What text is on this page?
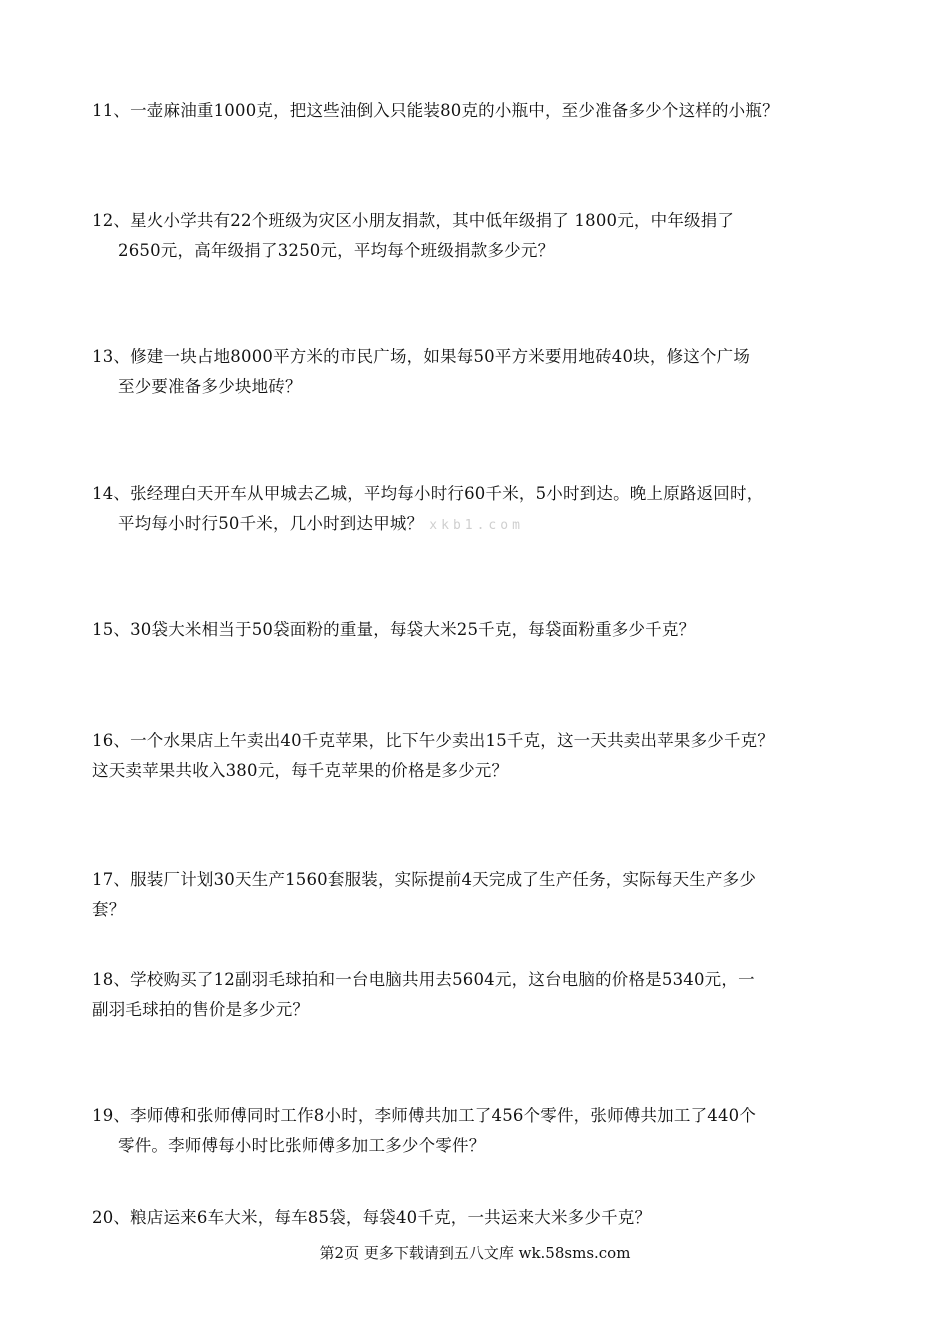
11、一壶麻油重1000克，把这些油倒入只能装80克的小瓶中，至少准备多少个这样的小瓶？
12、星火小学共有22个班级为灾区小朋友捐款，其中低年级捐了 1800元，中年级捐了
2650元，高年级捐了3250元，平均每个班级捐款多少元？
13、修建一块占地8000平方米的市民广场，如果每50平方米要用地砖40块，修这个广场
至少要准备多少块地砖？
14、张经理白天开车从甲城去乙城，平均每小时行60千米，5小时到达。晚上原路返回时，
平均每小时行50千米，几小时到达甲城？ xkb1.com
15、30袋大米相当于50袋面粉的重量，每袋大米25千克，每袋面粉重多少千克？
16、一个水果店上午卖出40千克苹果，比下午少卖出15千克，这一天共卖出苹果多少千克？
这天卖苹果共收入380元，每千克苹果的价格是多少元？
17、服装厂计划30天生产1560套服装，实际提前4天完成了生产任务，实际每天生产多少
套？
18、学校购买了12副羽毛球拍和一台电脑共用去5604元，这台电脑的价格是5340元，一
副羽毛球拍的售价是多少元？
19、李师傅和张师傅同时工作8小时，李师傅共加工了456个零件，张师傅共加工了440个
零件。李师傅每小时比张师傅多加工多少个零件？
20、粮店运来6车大米，每车85袋，每袋40千克，一共运来大米多少千克？
第2页 更多下载请到五八文库 wk.58sms.com
